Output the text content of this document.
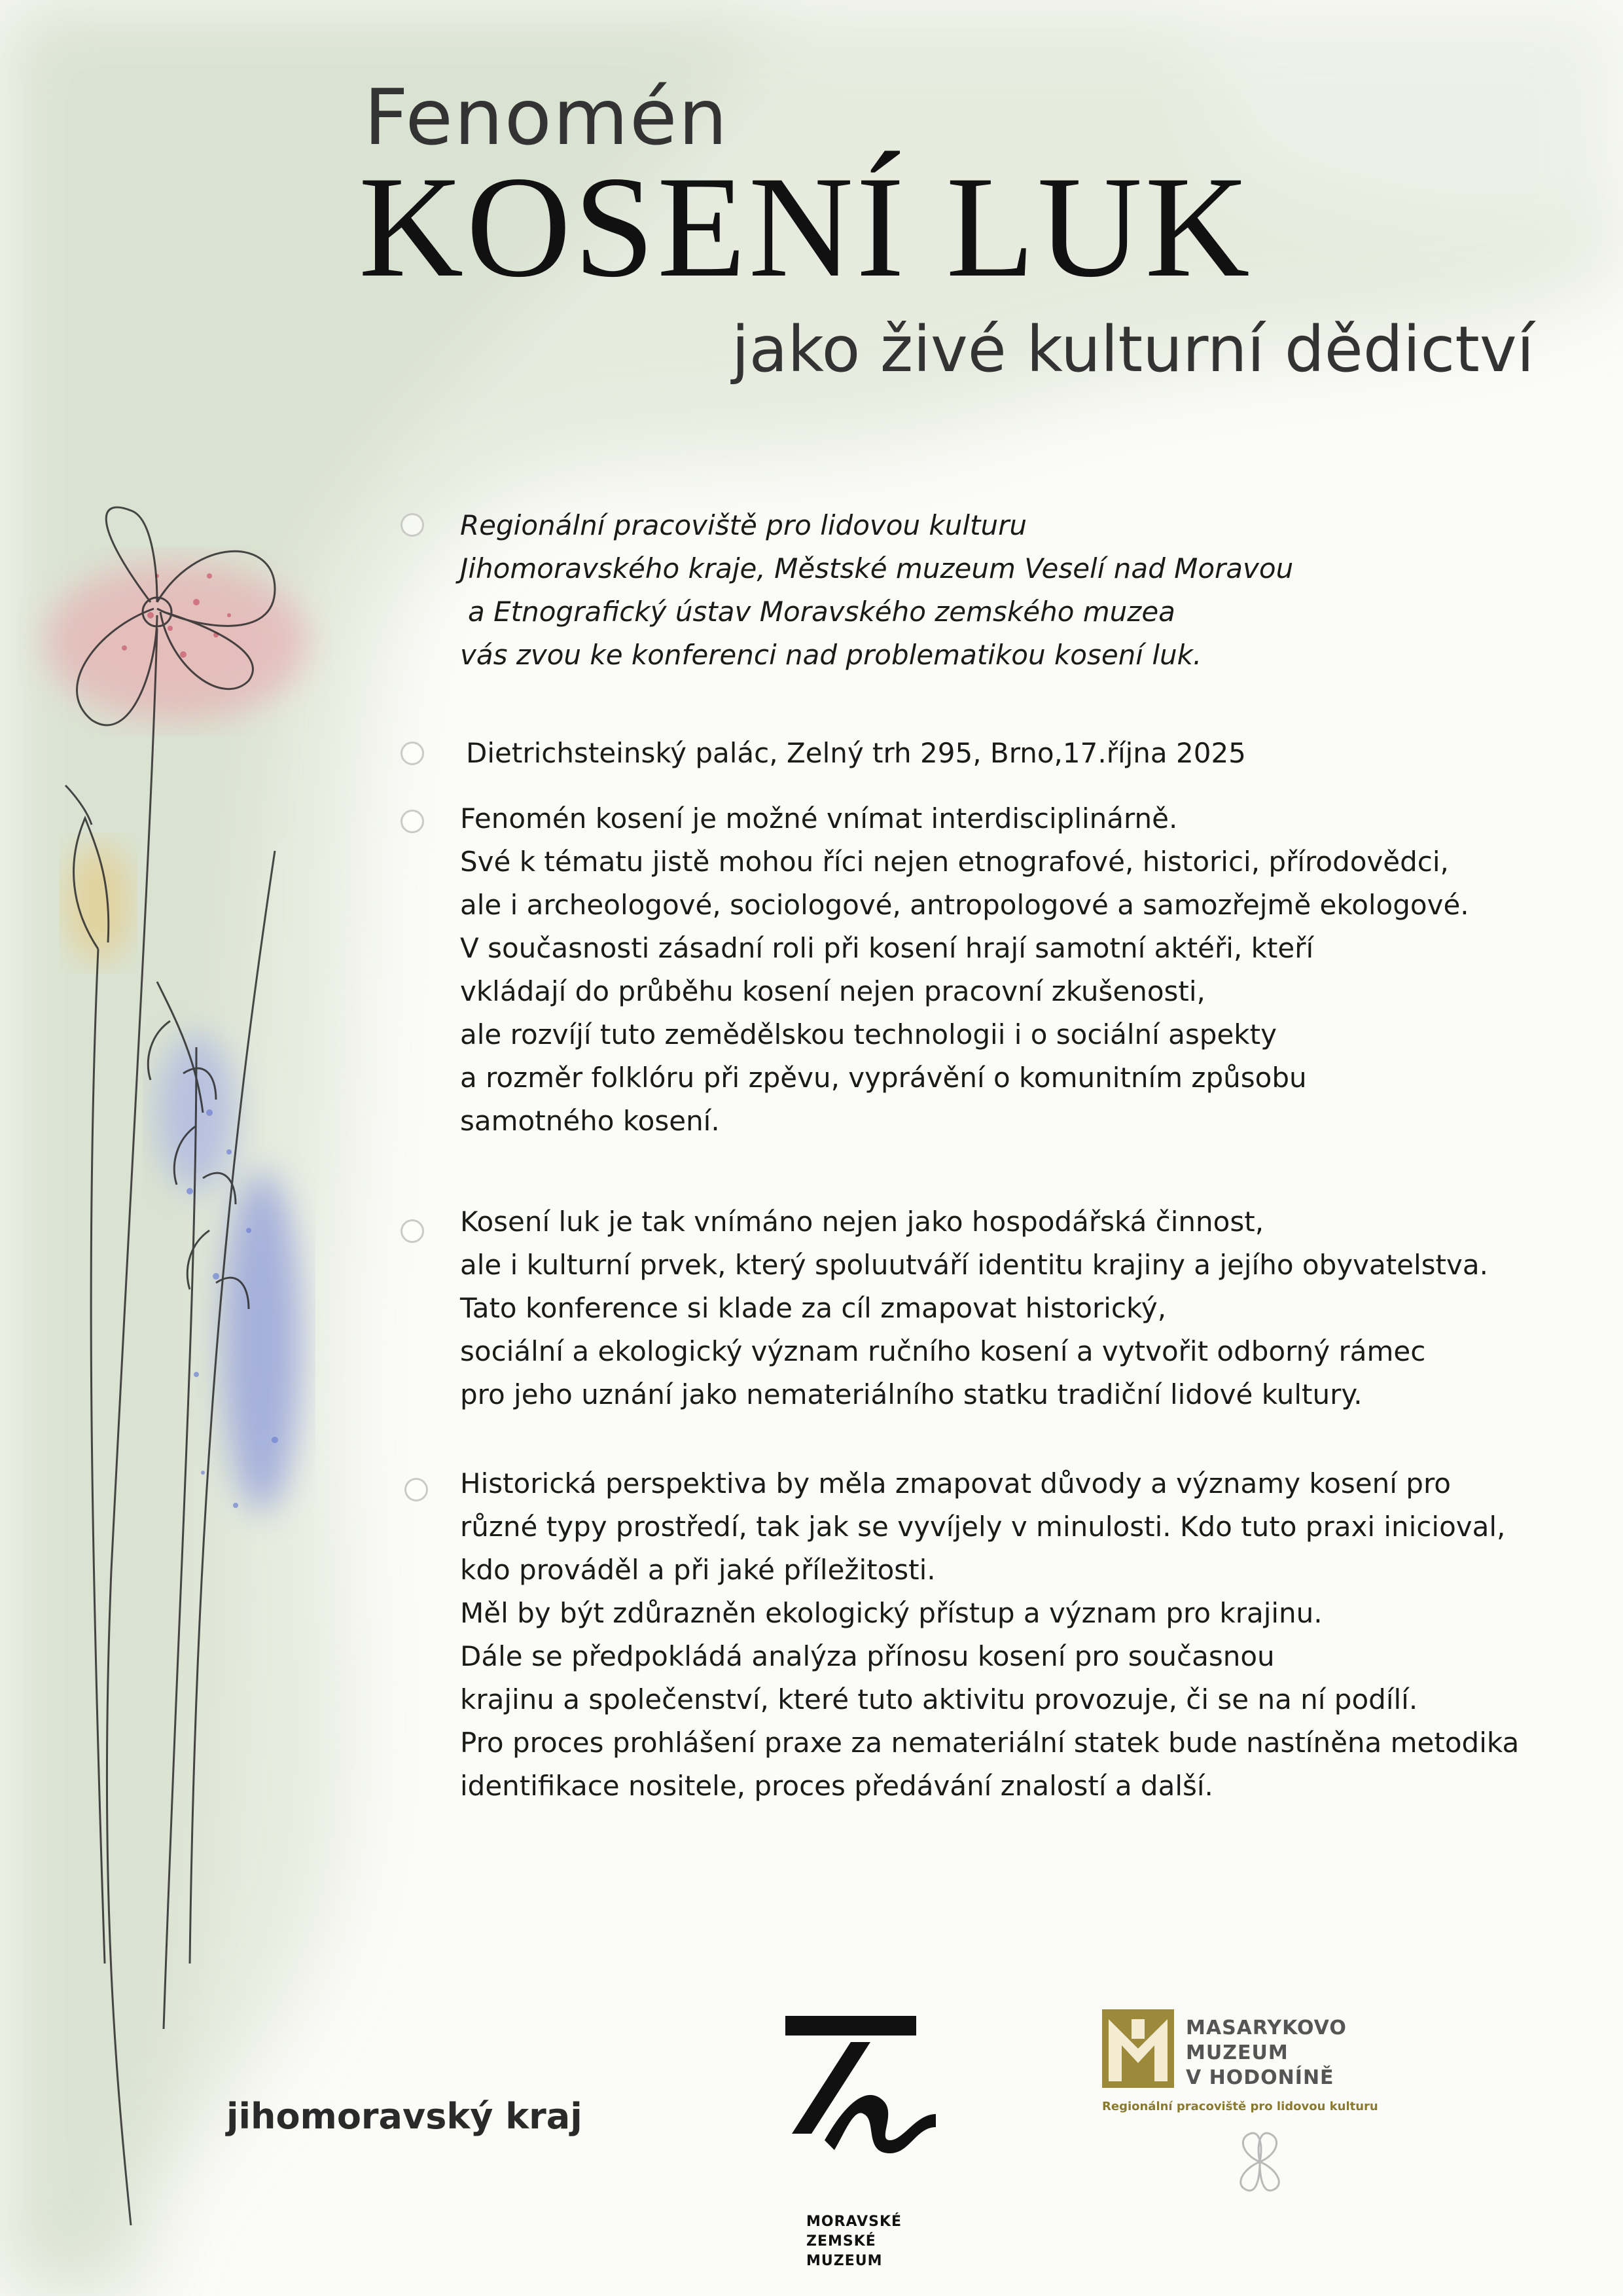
Fenomén
KOSENÍ LUK
jako živé kulturní dědictví

Regionální pracoviště pro lidovou kulturu

Jihomoravského kraje, Městské muzeum Veselí nad Moravou

a Etnografický ústav Moravského zemského muzea

vás zvou ke konferenci nad problematikou kosení luk.

Dietrichsteinský palác, Zelný trh 295, Brno,17.října 2025

Fenomén kosení je možné vnímat interdisciplinárně.

Své k tématu jistě mohou říci nejen etnografové, historici, přírodovědci,

ale i archeologové, sociologové, antropologové a samozřejmě ekologové.

V současnosti zásadní roli při kosení hrají samotní aktéři, kteří

vkládají do průběhu kosení nejen pracovní zkušenosti,

ale rozvíjí tuto zemědělskou technologii i o sociální aspekty

a rozměr folklóru při zpěvu, vyprávění o komunitním způsobu

samotného kosení.

Kosení luk je tak vnímáno nejen jako hospodářská činnost,

ale i kulturní prvek, který spoluutváří identitu krajiny a jejího obyvatelstva.

Tato konference si klade za cíl zmapovat historický,

sociální a ekologický význam ručního kosení a vytvořit odborný rámec

pro jeho uznání jako nemateriálního statku tradiční lidové kultury.

Historická perspektiva by měla zmapovat důvody a významy kosení pro

různé typy prostředí, tak jak se vyvíjely v minulosti. Kdo tuto praxi inicioval,

kdo prováděl a při jaké příležitosti.

Měl by být zdůrazněn ekologický přístup a význam pro krajinu.

Dále se předpokládá analýza přínosu kosení pro současnou

krajinu a společenství, které tuto aktivitu provozuje, či se na ní podílí.

Pro proces prohlášení praxe za nemateriální statek bude nastíněna metodika

identifikace nositele, proces předávání znalostí a další.

jihomoravský kraj
MORAVSKÉ
ZEMSKÉ
MUZEUM
MASARYKOVO
MUZEUM
V HODONÍNĚ
Regionální pracoviště pro lidovou kulturu
